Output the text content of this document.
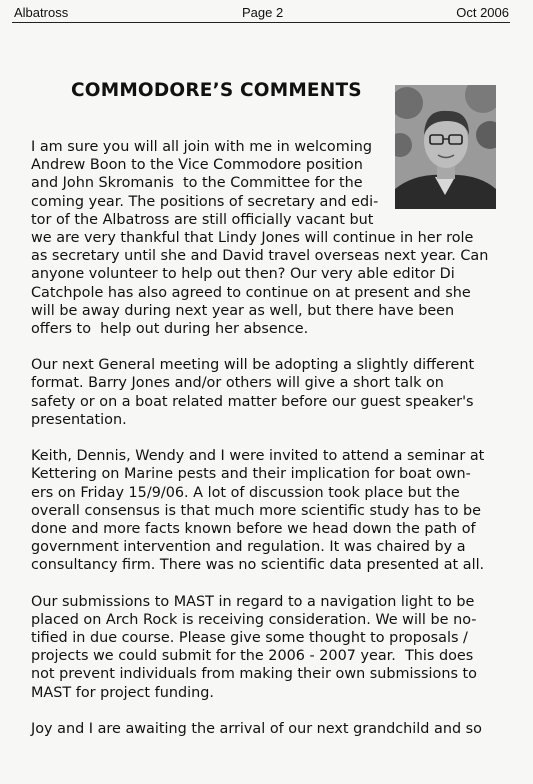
Albatross	Page 2	Oct 2006
COMMODORE’S COMMENTS
I am sure you will all join with me in welcoming
Andrew Boon to the Vice Commodore position
and John Skromanis  to the Committee for the
coming year. The positions of secretary and edi-
tor of the Albatross are still officially vacant but
we are very thankful that Lindy Jones will continue in her role
as secretary until she and David travel overseas next year. Can
anyone volunteer to help out then? Our very able editor Di
Catchpole has also agreed to continue on at present and she
will be away during next year as well, but there have been
offers to  help out during her absence.
Our next General meeting will be adopting a slightly different
format. Barry Jones and/or others will give a short talk on
safety or on a boat related matter before our guest speaker's
presentation.
Keith, Dennis, Wendy and I were invited to attend a seminar at
Kettering on Marine pests and their implication for boat own-
ers on Friday 15/9/06. A lot of discussion took place but the
overall consensus is that much more scientific study has to be
done and more facts known before we head down the path of
government intervention and regulation. It was chaired by a
consultancy firm. There was no scientific data presented at all.
Our submissions to MAST in regard to a navigation light to be
placed on Arch Rock is receiving consideration. We will be no-
tified in due course. Please give some thought to proposals /
projects we could submit for the 2006 - 2007 year.  This does
not prevent individuals from making their own submissions to
MAST for project funding.
Joy and I are awaiting the arrival of our next grandchild and so
